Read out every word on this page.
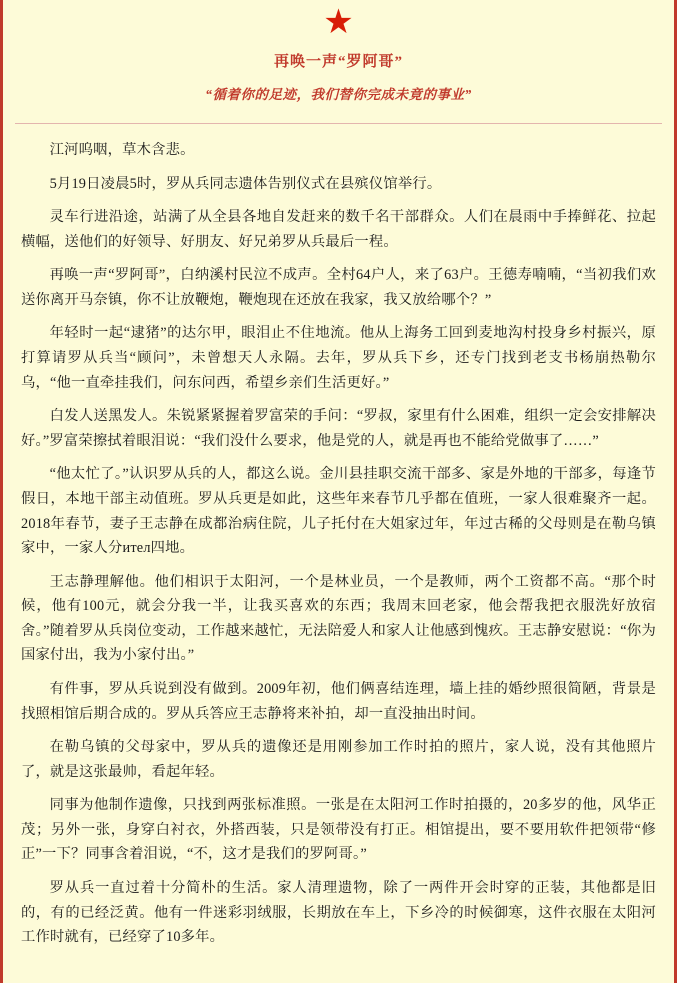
★
再唤一声“罗阿哥”
“循着你的足迹，我们替你完成未竟的事业”

江河呜咽，草木含悲。

5月19日凌晨5时，罗从兵同志遗体告别仪式在县殡仪馆举行。

灵车行进沿途，站满了从全县各地自发赶来的数千名干部群众。人们在晨雨中手捧鲜花、拉起横幅，送他们的好领导、好朋友、好兄弟罗从兵最后一程。

再唤一声“罗阿哥”，白纳溪村民泣不成声。全村64户人，来了63户。王德寿喃喃，“当初我们欢送你离开马奈镇，你不让放鞭炮，鞭炮现在还放在我家，我又放给哪个？”

年轻时一起“逮猪”的达尔甲，眼泪止不住地流。他从上海务工回到麦地沟村投身乡村振兴，原打算请罗从兵当“顾问”，未曾想天人永隔。去年，罗从兵下乡，还专门找到老支书杨崩热勒尔乌，“他一直牵挂我们，问东问西，希望乡亲们生活更好。”

白发人送黑发人。朱锐紧紧握着罗富荣的手问：“罗叔，家里有什么困难，组织一定会安排解决好。”罗富荣擦拭着眼泪说：“我们没什么要求，他是党的人，就是再也不能给党做事了……”

“他太忙了。”认识罗从兵的人，都这么说。金川县挂职交流干部多、家是外地的干部多，每逢节假日，本地干部主动值班。罗从兵更是如此，这些年来春节几乎都在值班，一家人很难聚齐一起。2018年春节，妻子王志静在成都治病住院，儿子托付在大姐家过年，年过古稀的父母则是在勒乌镇家中，一家人分ител四地。

王志静理解他。他们相识于太阳河，一个是林业员，一个是教师，两个工资都不高。“那个时候，他有100元，就会分我一半，让我买喜欢的东西；我周末回老家，他会帮我把衣服洗好放宿舍。”随着罗从兵岗位变动，工作越来越忙，无法陪爱人和家人让他感到愧疚。王志静安慰说：“你为国家付出，我为小家付出。”

有件事，罗从兵说到没有做到。2009年初，他们俩喜结连理，墙上挂的婚纱照很简陋，背景是找照相馆后期合成的。罗从兵答应王志静将来补拍，却一直没抽出时间。

在勒乌镇的父母家中，罗从兵的遗像还是用刚参加工作时拍的照片，家人说，没有其他照片了，就是这张最帅，看起年轻。

同事为他制作遗像，只找到两张标准照。一张是在太阳河工作时拍摄的，20多岁的他，风华正茂；另外一张，身穿白衬衣，外搭西装，只是领带没有打正。相馆提出，要不要用软件把领带“修正”一下？同事含着泪说，“不，这才是我们的罗阿哥。”

罗从兵一直过着十分简朴的生活。家人清理遗物，除了一两件开会时穿的正装，其他都是旧的，有的已经泛黄。他有一件迷彩羽绒服，长期放在车上，下乡冷的时候御寒，这件衣服在太阳河工作时就有，已经穿了10多年。
